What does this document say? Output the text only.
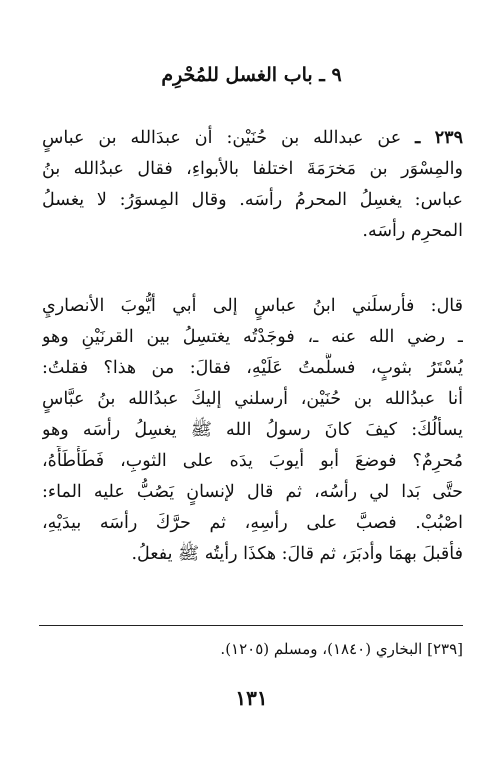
٩ ـ باب الغسل للمُحْرِم
٢٣٩ ـ عن عبدالله بن حُنَيْن: أن عبدَالله بن عباسٍ
والمِسْوَر بن مَخرَمَةَ اختلفا بالأبواءِ، فقال عبدُالله بنُ
عباس: يغسِلُ المحرمُ رأسَه. وقال المِسوَرُ: لا يغسلُ
المحرِم رأسَه.
قال: فأرسلَني ابنُ عباسٍ إلى أبي أيُّوبَ الأنصاريِ
ـ رضي الله عنه ـ، فوجَدْتُه يغتسِلُ بين القرنَيْنِ وهو
يُسْتَرُ بثوبٍ، فسلَّمتُ عَلَيْهِ، فقالَ: من هذا؟ فقلتُ:
أنا عبدُالله بن حُنَيْن، أرسلني إليكَ عبدُالله بنُ عبَّاسٍ
يسألُكَ: كيفَ كانَ رسولُ الله ﷺ يغسِلُ رأسَه وهو
مُحرِمٌ؟ فوضعَ أبو أيوبَ يدَه على الثوبِ، فَطَأْطَأَهُ،
حتَّى بَدا لي رأسُه، ثم قال لإنسانٍ يَصُبُّ عليه الماء:
اصْبُبْ. فصبَّ على رأسِهِ، ثم حرَّكَ رأسَه بيدَيْهِ،
فأقبلَ بهمَا وأدبَرَ، ثم قالَ: هكذَا رأيتُه ﷺ يفعلُ.
[٢٣٩] البخاري (١٨٤٠)، ومسلم (١٢٠٥).
١٣١
